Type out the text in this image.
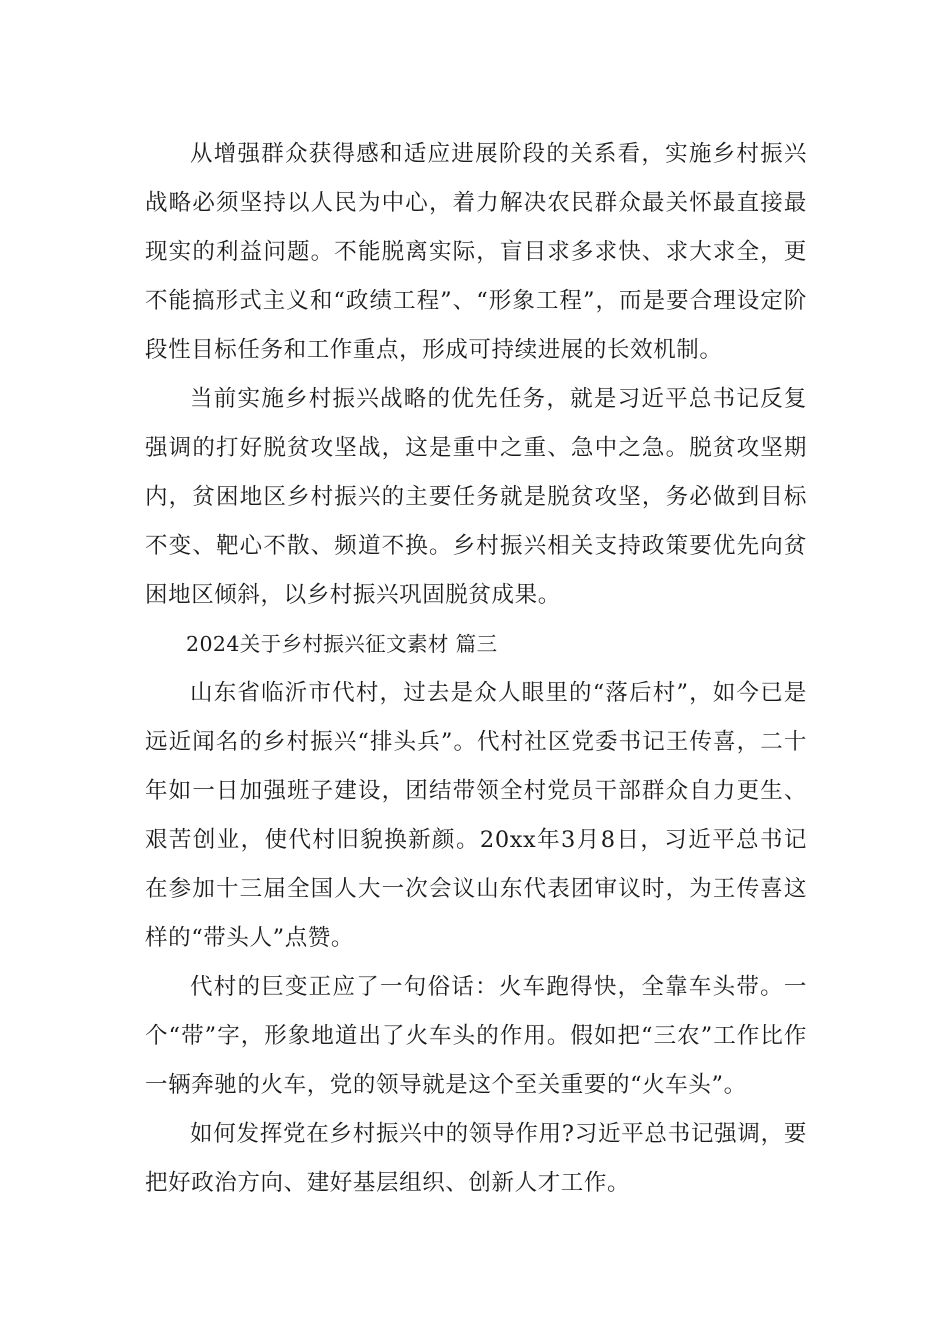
从增强群众获得感和适应进展阶段的关系看，实施乡村振兴战略必须坚持以人民为中心，着力解决农民群众最关怀最直接最现实的利益问题。不能脱离实际，盲目求多求快、求大求全，更不能搞形式主义和“政绩工程”、“形象工程”，而是要合理设定阶段性目标任务和工作重点，形成可持续进展的长效机制。

当前实施乡村振兴战略的优先任务，就是习近平总书记反复强调的打好脱贫攻坚战，这是重中之重、急中之急。脱贫攻坚期内，贫困地区乡村振兴的主要任务就是脱贫攻坚，务必做到目标不变、靶心不散、频道不换。乡村振兴相关支持政策要优先向贫困地区倾斜，以乡村振兴巩固脱贫成果。

2024关于乡村振兴征文素材 篇三

山东省临沂市代村，过去是众人眼里的“落后村”，如今已是远近闻名的乡村振兴“排头兵”。代村社区党委书记王传喜，二十年如一日加强班子建设，团结带领全村党员干部群众自力更生、艰苦创业，使代村旧貌换新颜。20xx年3月8日，习近平总书记在参加十三届全国人大一次会议山东代表团审议时，为王传喜这样的“带头人”点赞。

代村的巨变正应了一句俗话：火车跑得快，全靠车头带。一个“带”字，形象地道出了火车头的作用。假如把“三农”工作比作一辆奔驰的火车，党的领导就是这个至关重要的“火车头”。

如何发挥党在乡村振兴中的领导作用?习近平总书记强调，要把好政治方向、建好基层组织、创新人才工作。
